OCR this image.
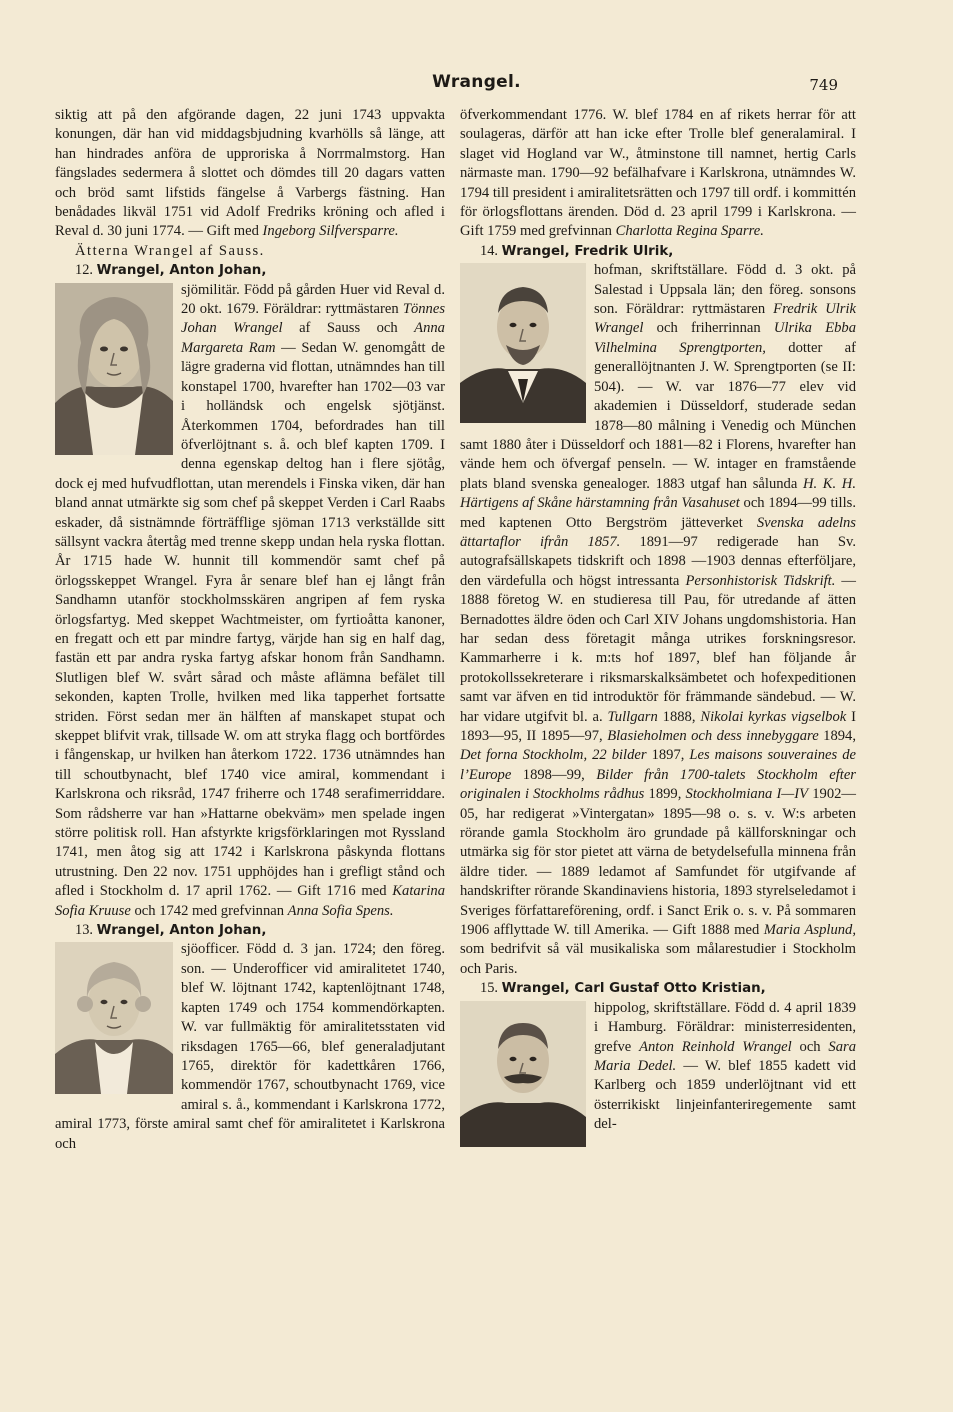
Wrangel.	749

siktig att på den afgörande dagen, 22 juni 1743 uppvakta konungen, där han vid middagsbjudning kvarhölls så länge, att han hindrades anföra de upproriska å Norrmalmstorg. Han fängslades sedermera å slottet och dömdes till 20 dagars vatten och bröd samt lifstids fängelse å Varbergs fästning. Han benådades likväl 1751 vid Adolf Fredriks kröning och afled i Reval d. 30 juni 1774. — Gift med Ingeborg Silfversparre.

Ätterna Wrangel af Sauss.

12. Wrangel, Anton Johan,

sjömilitär. Född på gården Huer vid Reval d. 20 okt. 1679. Föräldrar: ryttmästaren Tönnes Johan Wrangel af Sauss och Anna Margareta Ram — Sedan W. genomgått de lägre graderna vid flottan, utnämndes han till konstapel 1700, hvarefter han 1702—03 var i holländsk och engelsk sjötjänst. Återkommen 1704, befordrades han till öfverlöjtnant s. å. och blef kapten 1709. I denna egenskap deltog han i flere sjötåg, dock ej med hufvudflottan, utan merendels i Finska viken, där han bland annat utmärkte sig som chef på skeppet Verden i Carl Raabs eskader, då sistnämnde förträfflige sjöman 1713 verkställde sitt sällsynt vackra återtåg med trenne skepp undan hela ryska flottan. År 1715 hade W. hunnit till kommendör samt chef på örlogsskeppet Wrangel. Fyra år senare blef han ej långt från Sandhamn utanför stockholmsskären angripen af fem ryska örlogsfartyg. Med skeppet Wachtmeister, om fyrtioåtta kanoner, en fregatt och ett par mindre fartyg, värjde han sig en half dag, fastän ett par andra ryska fartyg afskar honom från Sandhamn. Slutligen blef W. svårt sårad och måste aflämna befälet till sekonden, kapten Trolle, hvilken med lika tapperhet fortsatte striden. Först sedan mer än hälften af manskapet stupat och skeppet blifvit vrak, tillsade W. om att stryka flagg och bortfördes i fångenskap, ur hvilken han återkom 1722. 1736 utnämndes han till schoutbynacht, blef 1740 vice amiral, kommendant i Karlskrona och riksråd, 1747 friherre och 1748 serafimerriddare. Som rådsherre var han »Hattarne obekväm» men spelade ingen större politisk roll. Han afstyrkte krigsförklaringen mot Ryssland 1741, men åtog sig att 1742 i Karlskrona påskynda flottans utrustning. Den 22 nov. 1751 upphöjdes han i grefligt stånd och afled i Stockholm d. 17 april 1762. — Gift 1716 med Katarina Sofia Kruuse och 1742 med grefvinnan Anna Sofia Spens.

13. Wrangel, Anton Johan,

sjöofficer. Född d. 3 jan. 1724; den föreg. son. — Underofficer vid amiralitetet 1740, blef W. löjtnant 1742, kaptenlöjtnant 1748, kapten 1749 och 1754 kommendörkapten. W. var fullmäktig för amiralitetsstaten vid riksdagen 1765—66, blef generaladjutant 1765, direktör för kadettkåren 1766, kommendör 1767, schoutbynacht 1769, vice amiral s. å., kommendant i Karlskrona 1772, amiral 1773, förste amiral samt chef för amiralitetet i Karlskrona och

öfverkommendant 1776. W. blef 1784 en af rikets herrar för att soulageras, därför att han icke efter Trolle blef generalamiral. I slaget vid Hogland var W., åtminstone till namnet, hertig Carls närmaste man. 1790—92 befälhafvare i Karlskrona, utnämndes W. 1794 till president i amiralitetsrätten och 1797 till ordf. i kommittén för örlogsflottans ärenden. Död d. 23 april 1799 i Karlskrona. — Gift 1759 med grefvinnan Charlotta Regina Sparre.

14. Wrangel, Fredrik Ulrik,

hofman, skriftställare. Född d. 3 okt. på Salestad i Uppsala län; den föreg. sonsons son. Föräldrar: ryttmästaren Fredrik Ulrik Wrangel och friherrinnan Ulrika Ebba Vilhelmina Sprengtporten, dotter af generallöjtnanten J. W. Sprengtporten (se II: 504). — W. var 1876—77 elev vid akademien i Düsseldorf, studerade sedan 1878—80 målning i Venedig och München samt 1880 åter i Düsseldorf och 1881—82 i Florens, hvarefter han vände hem och öfvergaf penseln. — W. intager en framstående plats bland svenska genealoger. 1883 utgaf han sålunda H. K. H. Härtigens af Skåne härstamning från Vasahuset och 1894—99 tills. med kaptenen Otto Bergström jätteverket Svenska adelns ättartaflor ifrån 1857. 1891—97 redigerade han Sv. autografsällskapets tidskrift och 1898 —1903 dennas efterföljare, den värdefulla och högst intressanta Personhistorisk Tidskrift. — 1888 företog W. en studieresa till Pau, för utredande af ätten Bernadottes äldre öden och Carl XIV Johans ungdomshistoria. Han har sedan dess företagit många utrikes forskningsresor. Kammarherre i k. m:ts hof 1897, blef han följande år protokollssekreterare i riksmarskalksämbetet och hofexpeditionen samt var äfven en tid introduktör för främmande sändebud. — W. har vidare utgifvit bl. a. Tullgarn 1888, Nikolai kyrkas vigselbok I 1893—95, II 1895—97, Blasieholmen och dess innebyggare 1894, Det forna Stockholm, 22 bilder 1897, Les maisons souveraines de l’Europe 1898—99, Bilder från 1700-talets Stockholm efter originalen i Stockholms rådhus 1899, Stockholmiana I—IV 1902—05, har redigerat »Vintergatan» 1895—98 o. s. v. W:s arbeten rörande gamla Stockholm äro grundade på källforskningar och utmärka sig för stor pietet att värna de betydelsefulla minnena från äldre tider. — 1889 ledamot af Samfundet för utgifvande af handskrifter rörande Skandinaviens historia, 1893 styrelseledamot i Sveriges författareförening, ordf. i Sanct Erik o. s. v. På sommaren 1906 afflyttade W. till Amerika. — Gift 1888 med Maria Asplund, som bedrifvit så väl musikaliska som målarestudier i Stockholm och Paris.

15. Wrangel, Carl Gustaf Otto Kristian,

hippolog, skriftställare. Född d. 4 april 1839 i Hamburg. Föräldrar: ministerresidenten, grefve Anton Reinhold Wrangel och Sara Maria Dedel. — W. blef 1855 kadett vid Karlberg och 1859 underlöjtnant vid ett österrikiskt linjeinfanteriregemente samt del-
